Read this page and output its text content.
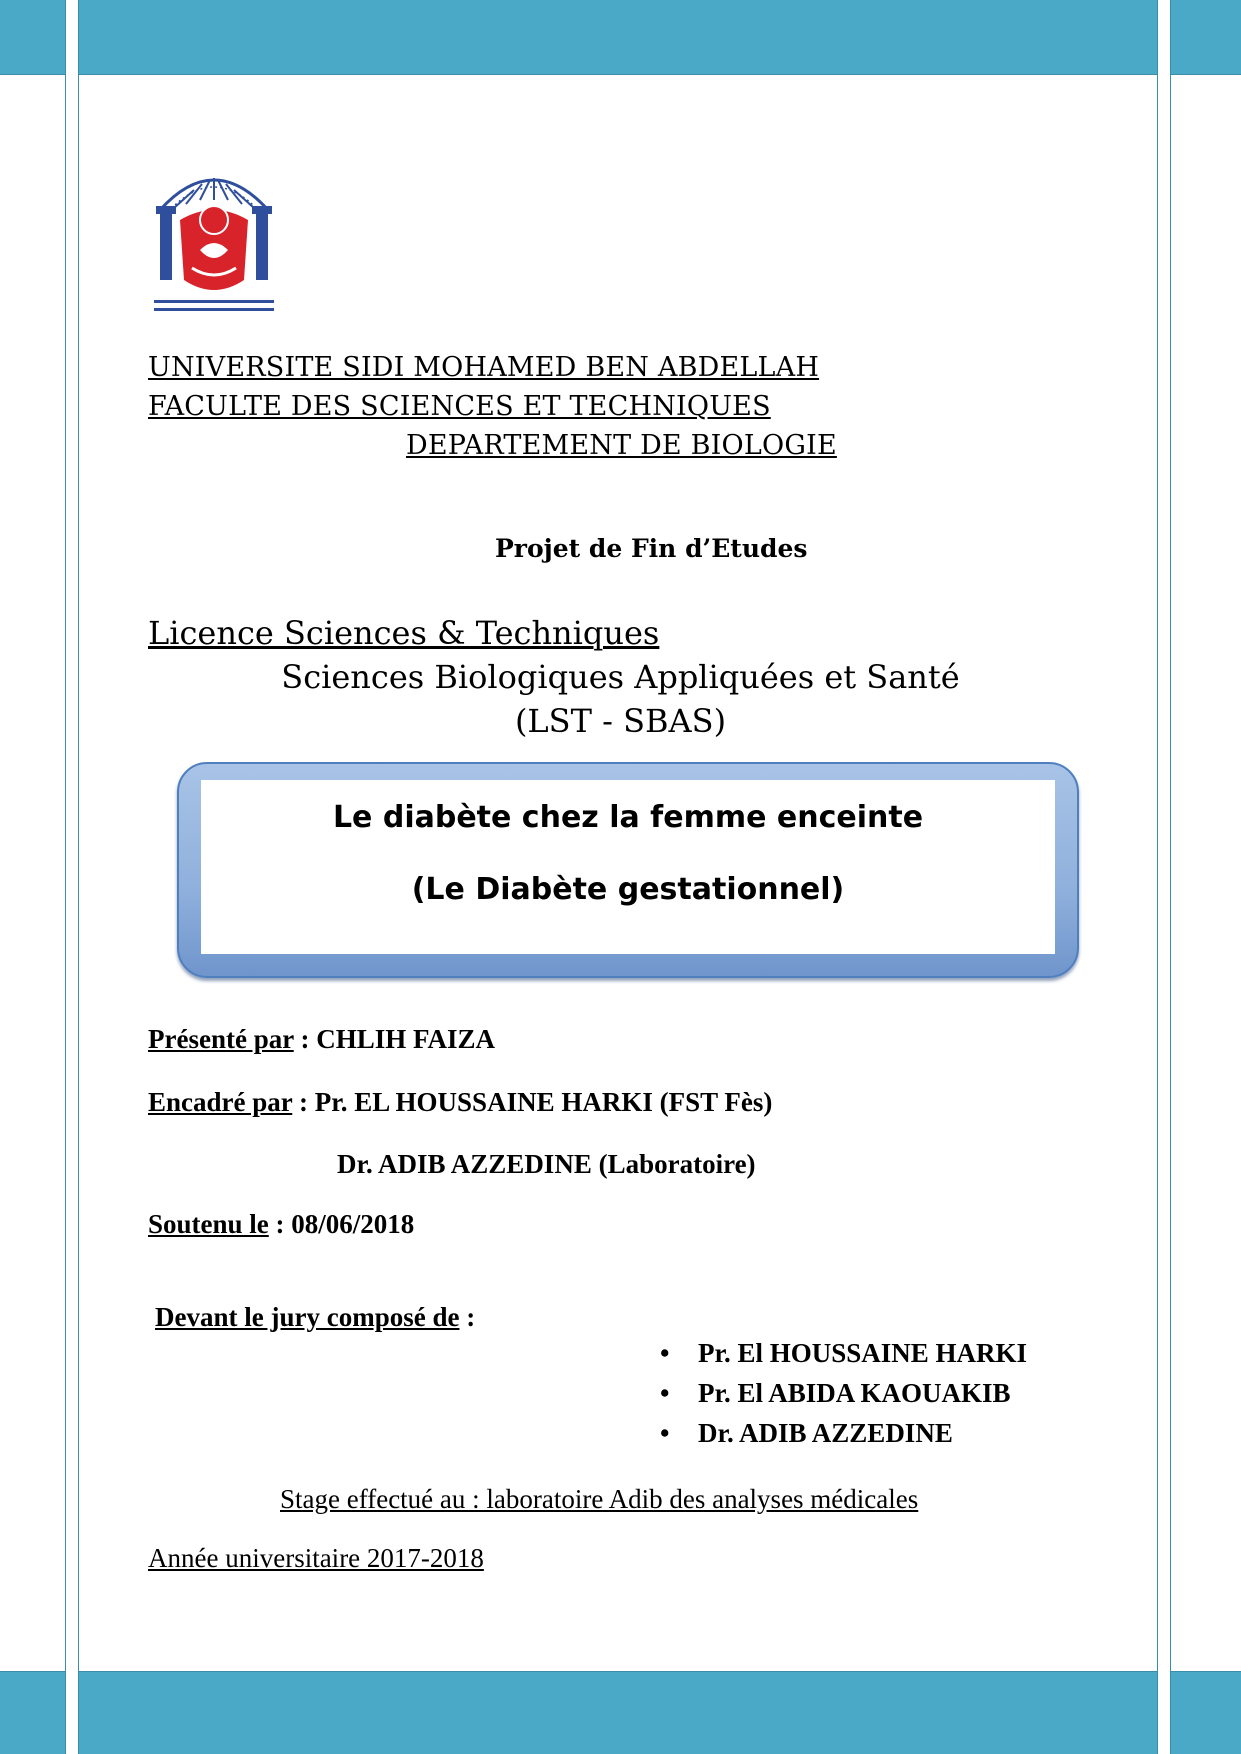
UNIVERSITE SIDI MOHAMED BEN ABDELLAH
FACULTE DES SCIENCES ET TECHNIQUES
DEPARTEMENT DE BIOLOGIE
Projet de Fin d’Etudes
Licence Sciences & Techniques
Sciences Biologiques Appliquées et Santé
(LST - SBAS)
Le diabète chez la femme enceinte
(Le Diabète gestationnel)
Présenté par : CHLIH FAIZA
Encadré par : Pr. EL HOUSSAINE HARKI (FST Fès)
Dr. ADIB AZZEDINE (Laboratoire)
Soutenu le : 08/06/2018
Devant le jury composé de :
• Pr. El HOUSSAINE HARKI
• Pr. El ABIDA KAOUAKIB
• Dr. ADIB AZZEDINE
Stage effectué au : laboratoire Adib des analyses médicales
Année universitaire 2017-2018
